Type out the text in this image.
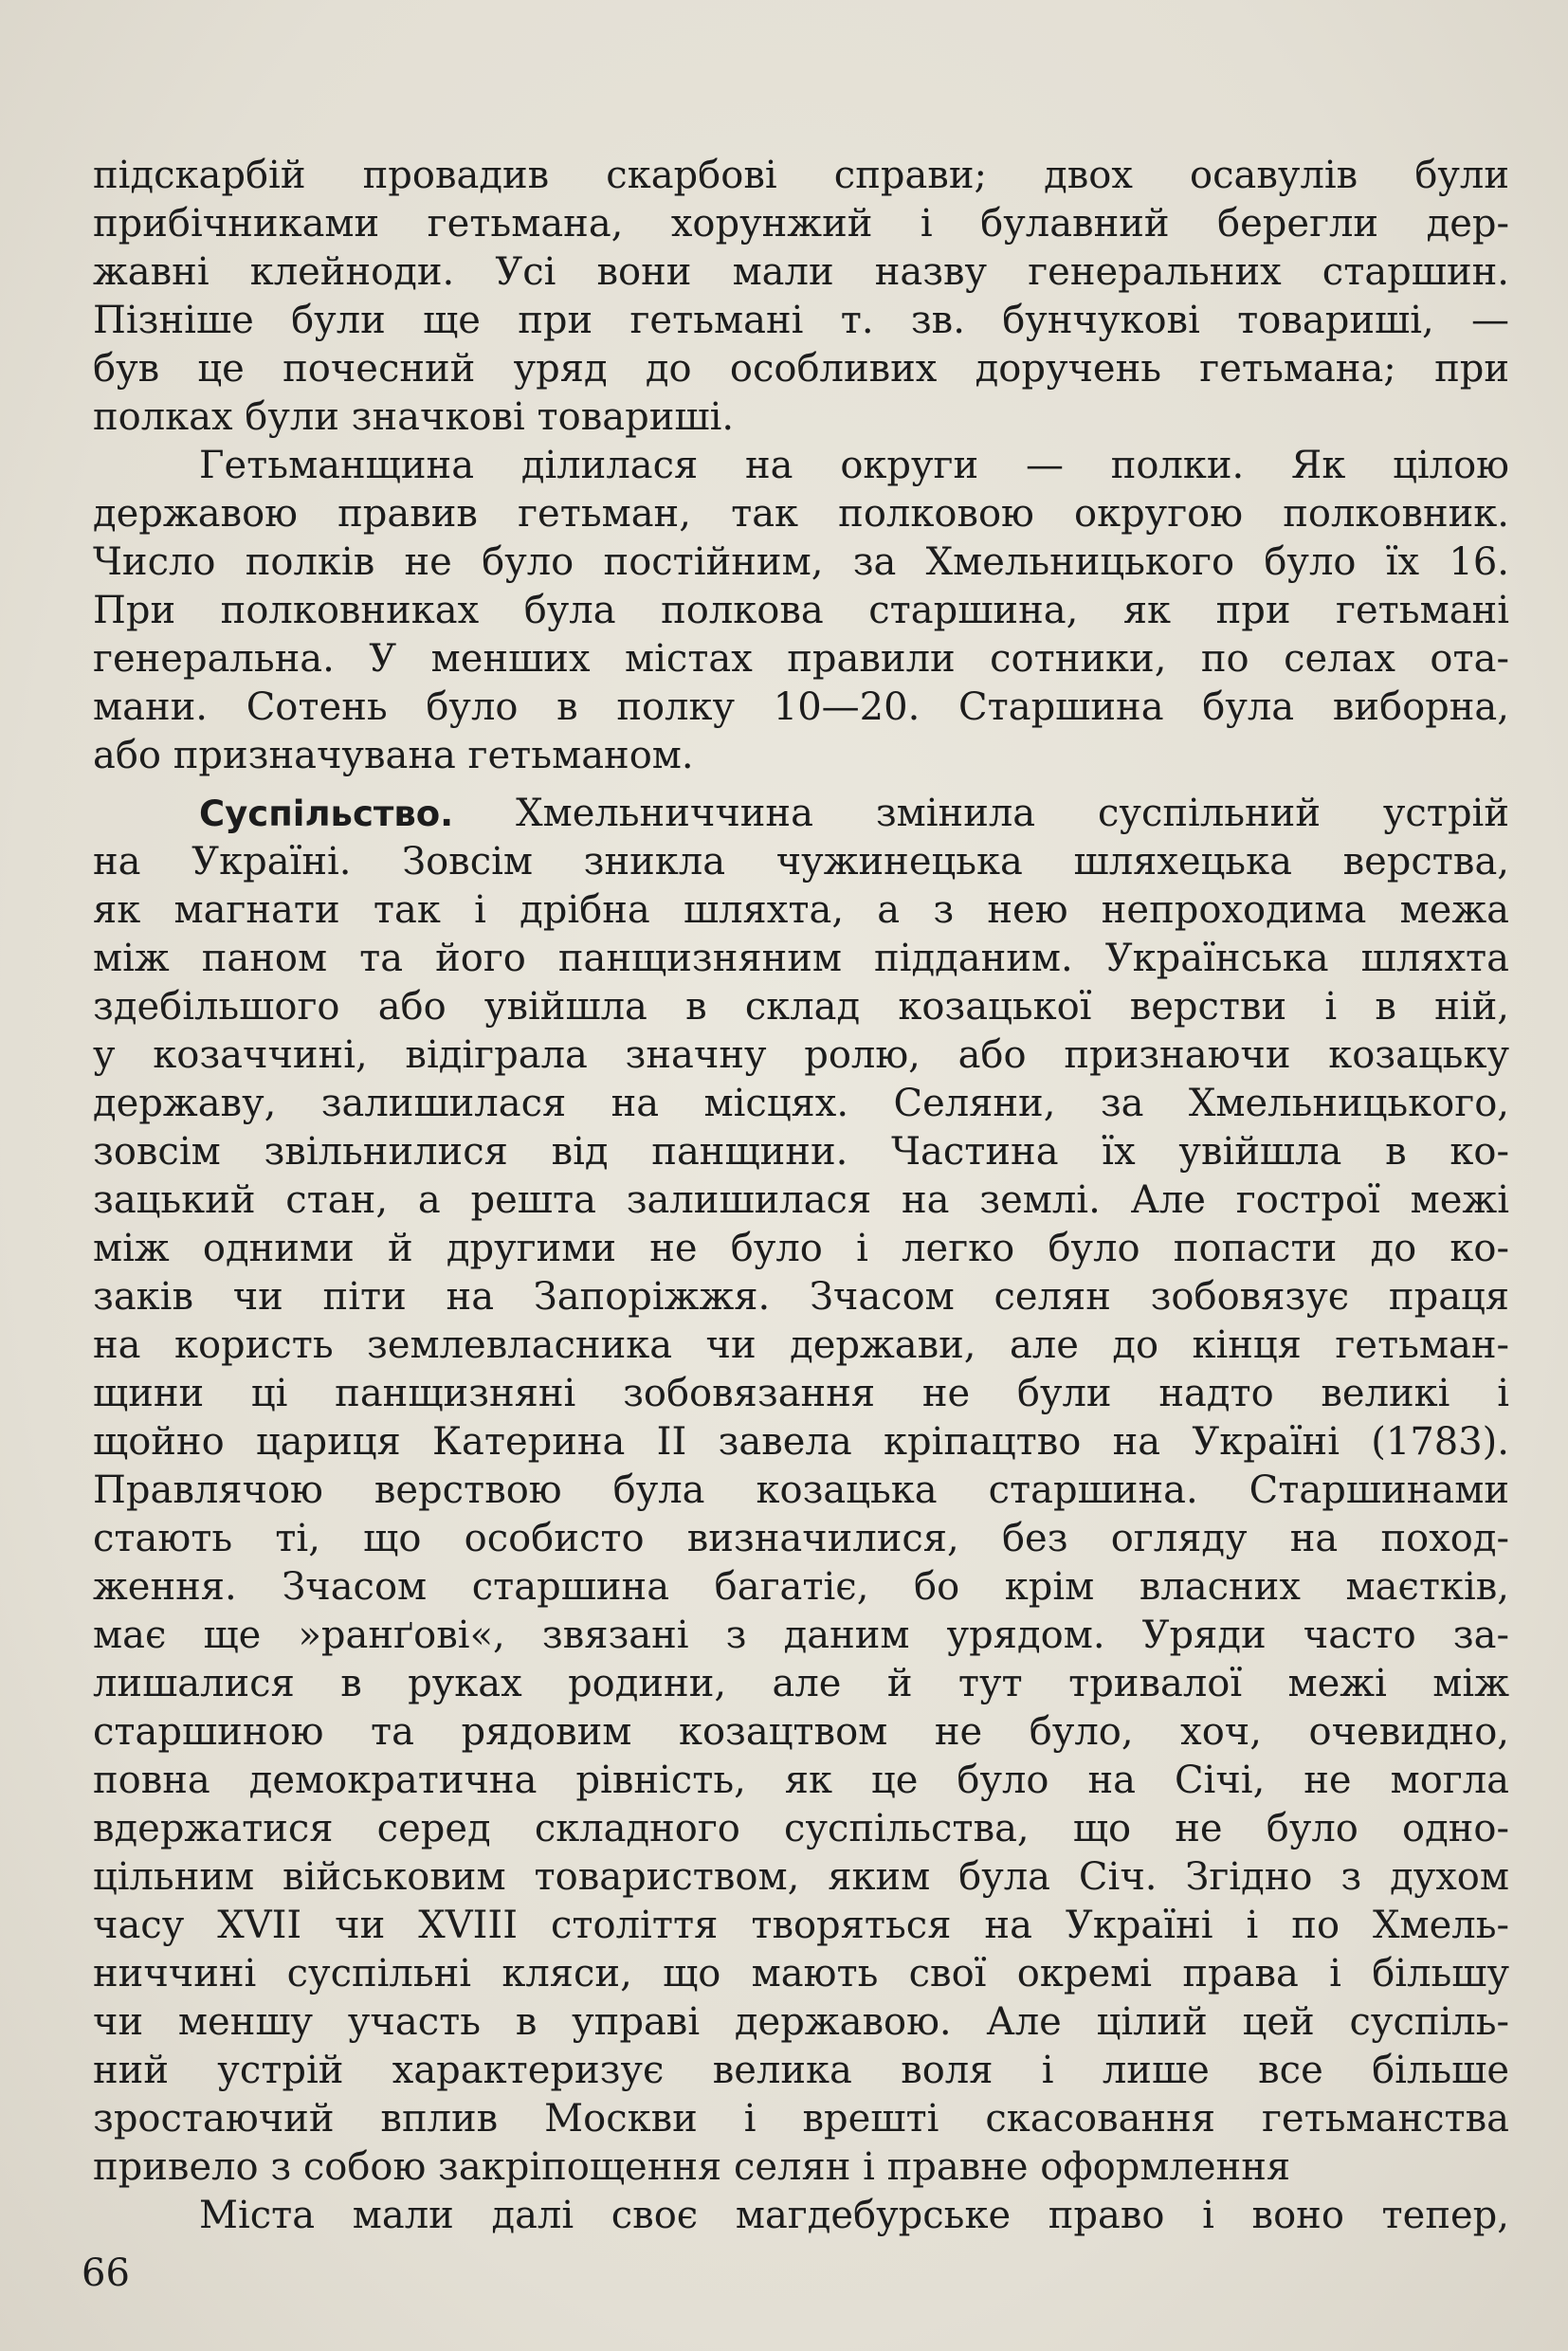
підскарбій провадив скарбові справи; двох осавулів були
прибічниками гетьмана, хорунжий і булавний берегли дер-
жавні клейноди. Усі вони мали назву генеральних старшин.
Пізніше були ще при гетьмані т. зв. бунчукові товариші, —
був це почесний уряд до особливих доручень гетьмана; при
полках були значкові товариші.
Гетьманщина ділилася на округи — полки. Як цілою
державою правив гетьман, так полковою округою полковник.
Число полків не було постійним, за Хмельницького було їх 16.
При полковниках була полкова старшина, як при гетьмані
генеральна. У менших містах правили сотники, по селах ота-
мани. Сотень було в полку 10—20. Старшина була виборна,
або призначувана гетьманом.
Суспільство. Хмельниччина змінила суспільний устрій
на Україні. Зовсім зникла чужинецька шляхецька верства,
як магнати так і дрібна шляхта, а з нею непроходима межа
між паном та його панщизняним підданим. Українська шляхта
здебільшого або увійшла в склад козацької верстви і в ній,
у козаччині, відіграла значну ролю, або признаючи козацьку
державу, залишилася на місцях. Селяни, за Хмельницького,
зовсім звільнилися від панщини. Частина їх увійшла в ко-
зацький стан, а решта залишилася на землі. Але гострої межі
між одними й другими не було і легко було попасти до ко-
заків чи піти на Запоріжжя. Зчасом селян зобовязує праця
на користь землевласника чи держави, але до кінця гетьман-
щини ці панщизняні зобовязання не були надто великі і
щойно цариця Катерина II завела кріпацтво на Україні (1783).
Правлячою верствою була козацька старшина. Старшинами
стають ті, що особисто визначилися, без огляду на поход-
ження. Зчасом старшина багатіє, бо крім власних маєтків,
має ще »ранґові«, звязані з даним урядом. Уряди часто за-
лишалися в руках родини, але й тут тривалої межі між
старшиною та рядовим козацтвом не було, хоч, очевидно,
повна демократична рівність, як це було на Січі, не могла
вдержатися серед складного суспільства, що не було одно-
цільним військовим товариством, яким була Січ. Згідно з духом
часу XVII чи XVIII століття творяться на Україні і по Хмель-
ниччині суспільні кляси, що мають свої окремі права і більшу
чи меншу участь в управі державою. Але цілий цей суспіль-
ний устрій характеризує велика воля і лише все більше
зростаючий вплив Москви і врешті скасовання гетьманства
привело з собою закріпощення селян і правне оформлення
Міста мали далі своє магдебурське право і воно тепер,
66
